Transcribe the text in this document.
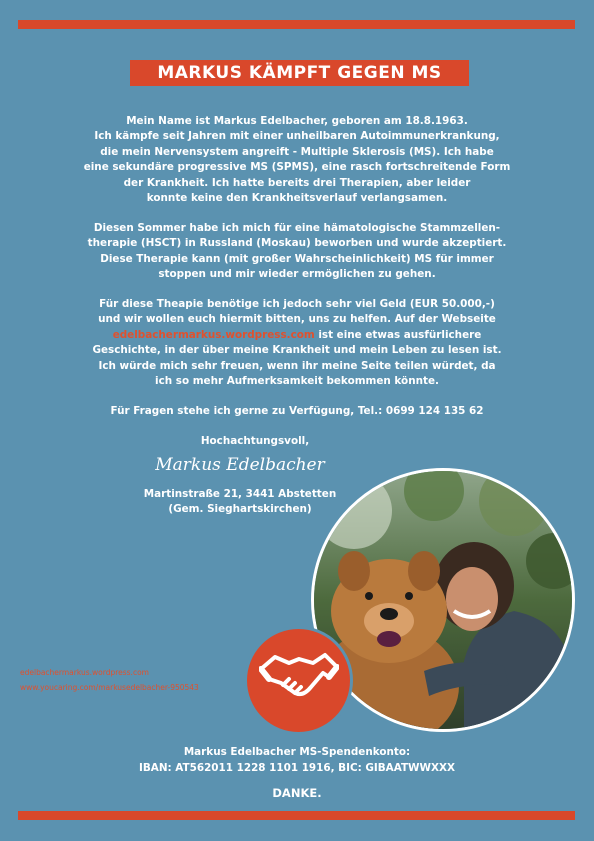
MARKUS KÄMPFT GEGEN MS
Mein Name ist Markus Edelbacher, geboren am 18.8.1963.
Ich kämpfe seit Jahren mit einer unheilbaren Autoimmunerkrankung,
die mein Nervensystem angreift - Multiple Sklerosis (MS). Ich habe
eine sekundäre progressive MS (SPMS), eine rasch fortschreitende Form
der Krankheit. Ich hatte bereits drei Therapien, aber leider
konnte keine den Krankheitsverlauf verlangsamen.
Diesen Sommer habe ich mich für eine hämatologische Stammzellen-
therapie (HSCT) in Russland (Moskau) beworben und wurde akzeptiert.
Diese Therapie kann (mit großer Wahrscheinlichkeit) MS für immer
stoppen und mir wieder ermöglichen zu gehen.
Für diese Theapie benötige ich jedoch sehr viel Geld (EUR 50.000,-)
und wir wollen euch hiermit bitten, uns zu helfen. Auf der Webseite
edelbachermarkus.wordpress.com ist eine etwas ausfürlichere
Geschichte, in der über meine Krankheit und mein Leben zu lesen ist.
Ich würde mich sehr freuen, wenn ihr meine Seite teilen würdet, da
ich so mehr Aufmerksamkeit bekommen könnte.
Für Fragen stehe ich gerne zu Verfügung, Tel.: 0699 124 135 62
Hochachtungsvoll,
Markus Edelbacher
Martinstraße 21, 3441 Abstetten
(Gem. Sieghartskirchen)
edelbachermarkus.wordpress.com
www.youcaring.com/markusedelbacher-950543
Markus Edelbacher MS-Spendenkonto:
IBAN: AT562011 1228 1101 1916, BIC: GIBAATWWXXX
DANKE.
